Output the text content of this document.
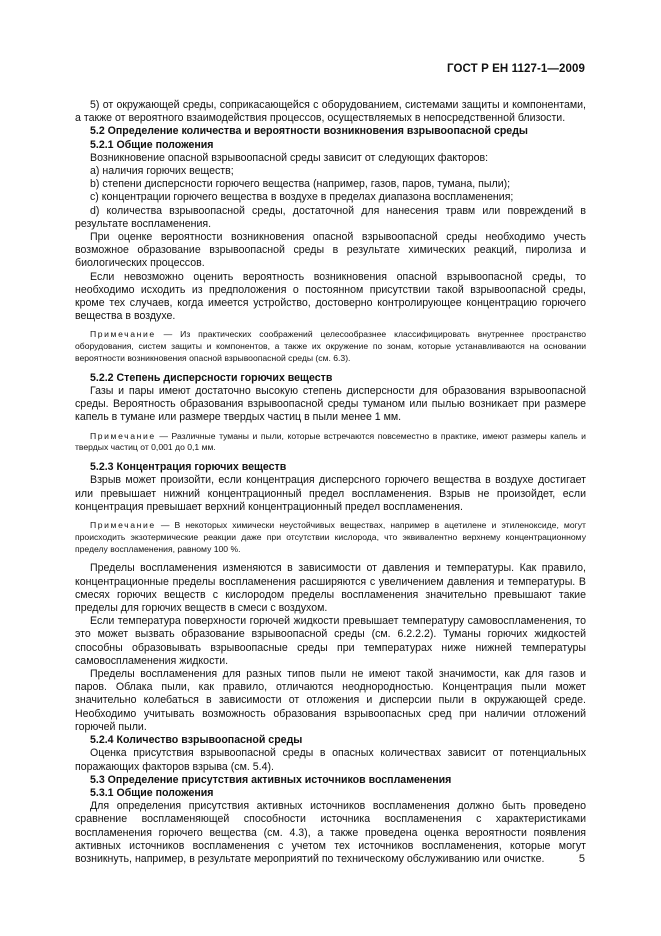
ГОСТ Р ЕН 1127-1—2009

5) от окружающей среды, соприкасающейся с оборудованием, системами защиты и компонентами, а также от вероятного взаимодействия процессов, осуществляемых в непосредственной близости.

5.2 Определение количества и вероятности возникновения взрывоопасной среды
5.2.1 Общие положения

Возникновение опасной взрывоопасной среды зависит от следующих факторов:

a) наличия горючих веществ;

b) степени дисперсности горючего вещества (например, газов, паров, тумана, пыли);

c) концентрации горючего вещества в воздухе в пределах диапазона воспламенения;

d) количества взрывоопасной среды, достаточной для нанесения травм или повреждений в результате воспламенения.

При оценке вероятности возникновения опасной взрывоопасной среды необходимо учесть возможное образование взрывоопасной среды в результате химических реакций, пиролиза и биологических процессов.

Если невозможно оценить вероятность возникновения опасной взрывоопасной среды, то необходимо исходить из предположения о постоянном присутствии такой взрывоопасной среды, кроме тех случаев, когда имеется устройство, достоверно контролирующее концентрацию горючего вещества в воздухе.

Примечание — Из практических соображений целесообразнее классифицировать внутреннее пространство оборудования, систем защиты и компонентов, а также их окружение по зонам, которые устанавливаются на основании вероятности возникновения опасной взрывоопасной среды (см. 6.3).

5.2.2 Степень дисперсности горючих веществ

Газы и пары имеют достаточно высокую степень дисперсности для образования взрывоопасной среды. Вероятность образования взрывоопасной среды туманом или пылью возникает при размере капель в тумане или размере твердых частиц в пыли менее 1 мм.

Примечание — Различные туманы и пыли, которые встречаются повсеместно в практике, имеют размеры капель и твердых частиц от 0,001 до 0,1 мм.

5.2.3 Концентрация горючих веществ

Взрыв может произойти, если концентрация дисперсного горючего вещества в воздухе достигает или превышает нижний концентрационный предел воспламенения. Взрыв не произойдет, если концентрация превышает верхний концентрационный предел воспламенения.

Примечание — В некоторых химически неустойчивых веществах, например в ацетилене и этиленоксиде, могут происходить экзотермические реакции даже при отсутствии кислорода, что эквивалентно верхнему концентрационному пределу воспламенения, равному 100 %.

Пределы воспламенения изменяются в зависимости от давления и температуры. Как правило, концентрационные пределы воспламенения расширяются с увеличением давления и температуры. В смесях горючих веществ с кислородом пределы воспламенения значительно превышают такие пределы для горючих веществ в смеси с воздухом.

Если температура поверхности горючей жидкости превышает температуру самовоспламенения, то это может вызвать образование взрывоопасной среды (см. 6.2.2.2). Туманы горючих жидкостей способны образовывать взрывоопасные среды при температурах ниже нижней температуры самовоспламенения жидкости.

Пределы воспламенения для разных типов пыли не имеют такой значимости, как для газов и паров. Облака пыли, как правило, отличаются неоднородностью. Концентрация пыли может значительно колебаться в зависимости от отложения и дисперсии пыли в окружающей среде. Необходимо учитывать возможность образования взрывоопасных сред при наличии отложений горючей пыли.

5.2.4 Количество взрывоопасной среды

Оценка присутствия взрывоопасной среды в опасных количествах зависит от потенциальных поражающих факторов взрыва (см. 5.4).

5.3 Определение присутствия активных источников воспламенения
5.3.1 Общие положения

Для определения присутствия активных источников воспламенения должно быть проведено сравнение воспламеняющей способности источника воспламенения с характеристиками воспламенения горючего вещества (см. 4.3), а также проведена оценка вероятности появления активных источников воспламенения с учетом тех источников воспламенения, которые могут возникнуть, например, в результате мероприятий по техническому обслуживанию или очистке.	5
